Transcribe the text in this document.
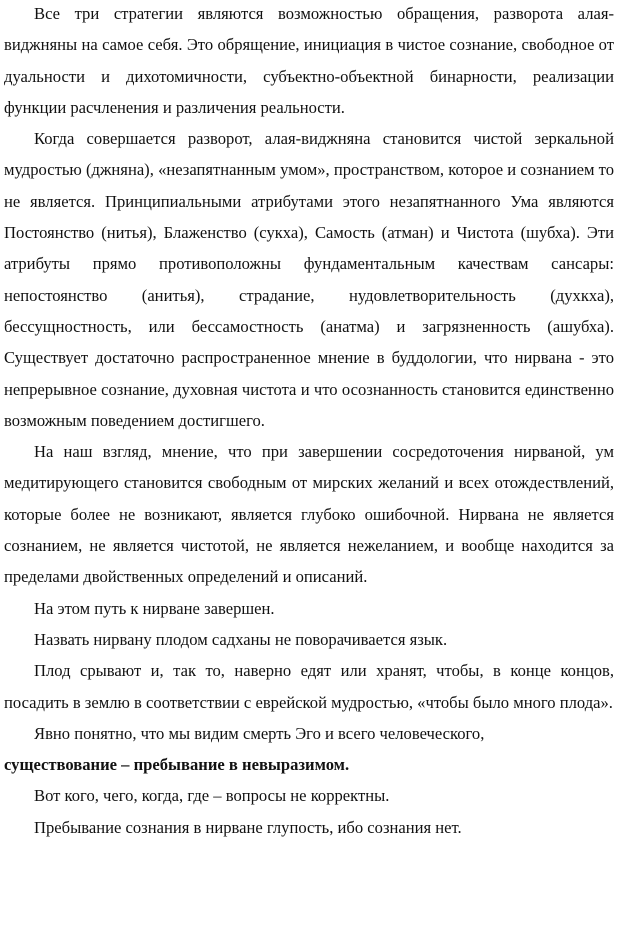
Все три стратегии являются возможностью обращения, разворота алая-виджняны на самое себя. Это обрящение, инициация в чистое сознание, свободное от дуальности и дихотомичности, субъектно-объектной бинарности, реализации функции расчленения и различения реальности.

Когда совершается разворот, алая-виджняна становится чистой зеркальной мудростью (джняна), «незапятнанным умом», пространством, которое и сознанием то не является. Принципиальными атрибутами этого незапятнанного Ума являются Постоянство (нитья), Блаженство (сукха), Самость (атман) и Чистота (шубха). Эти атрибуты прямо противоположны фундаментальным качествам сансары: непостоянство (анитья), страдание, нудовлетворительность (духкха), бессущностность, или бессамостность (анатма) и загрязненность (ашубха). Существует достаточно распространенное мнение в буддологии, что нирвана - это непрерывное сознание, духовная чистота и что осознанность становится единственно возможным поведением достигшего.

На наш взгляд, мнение, что при завершении сосредоточения нирваной, ум медитирующего становится свободным от мирских желаний и всех отождествлений, которые более не возникают, является глубоко ошибочной. Нирвана не является сознанием, не является чистотой, не является нежеланием, и вообще находится за пределами двойственных определений и описаний.

На этом путь к нирване завершен.

Назвать нирвану плодом садханы не поворачивается язык.

Плод срывают и, так то, наверно едят или хранят, чтобы, в конце концов, посадить в землю в соответствии с еврейской мудростью, «чтобы было много плода».

Явно понятно, что мы видим смерть Эго и всего человеческого,
существование – пребывание в невыразимом.

Вот кого, чего, когда, где – вопросы не корректны.

Пребывание сознания в нирване глупость, ибо сознания нет.
